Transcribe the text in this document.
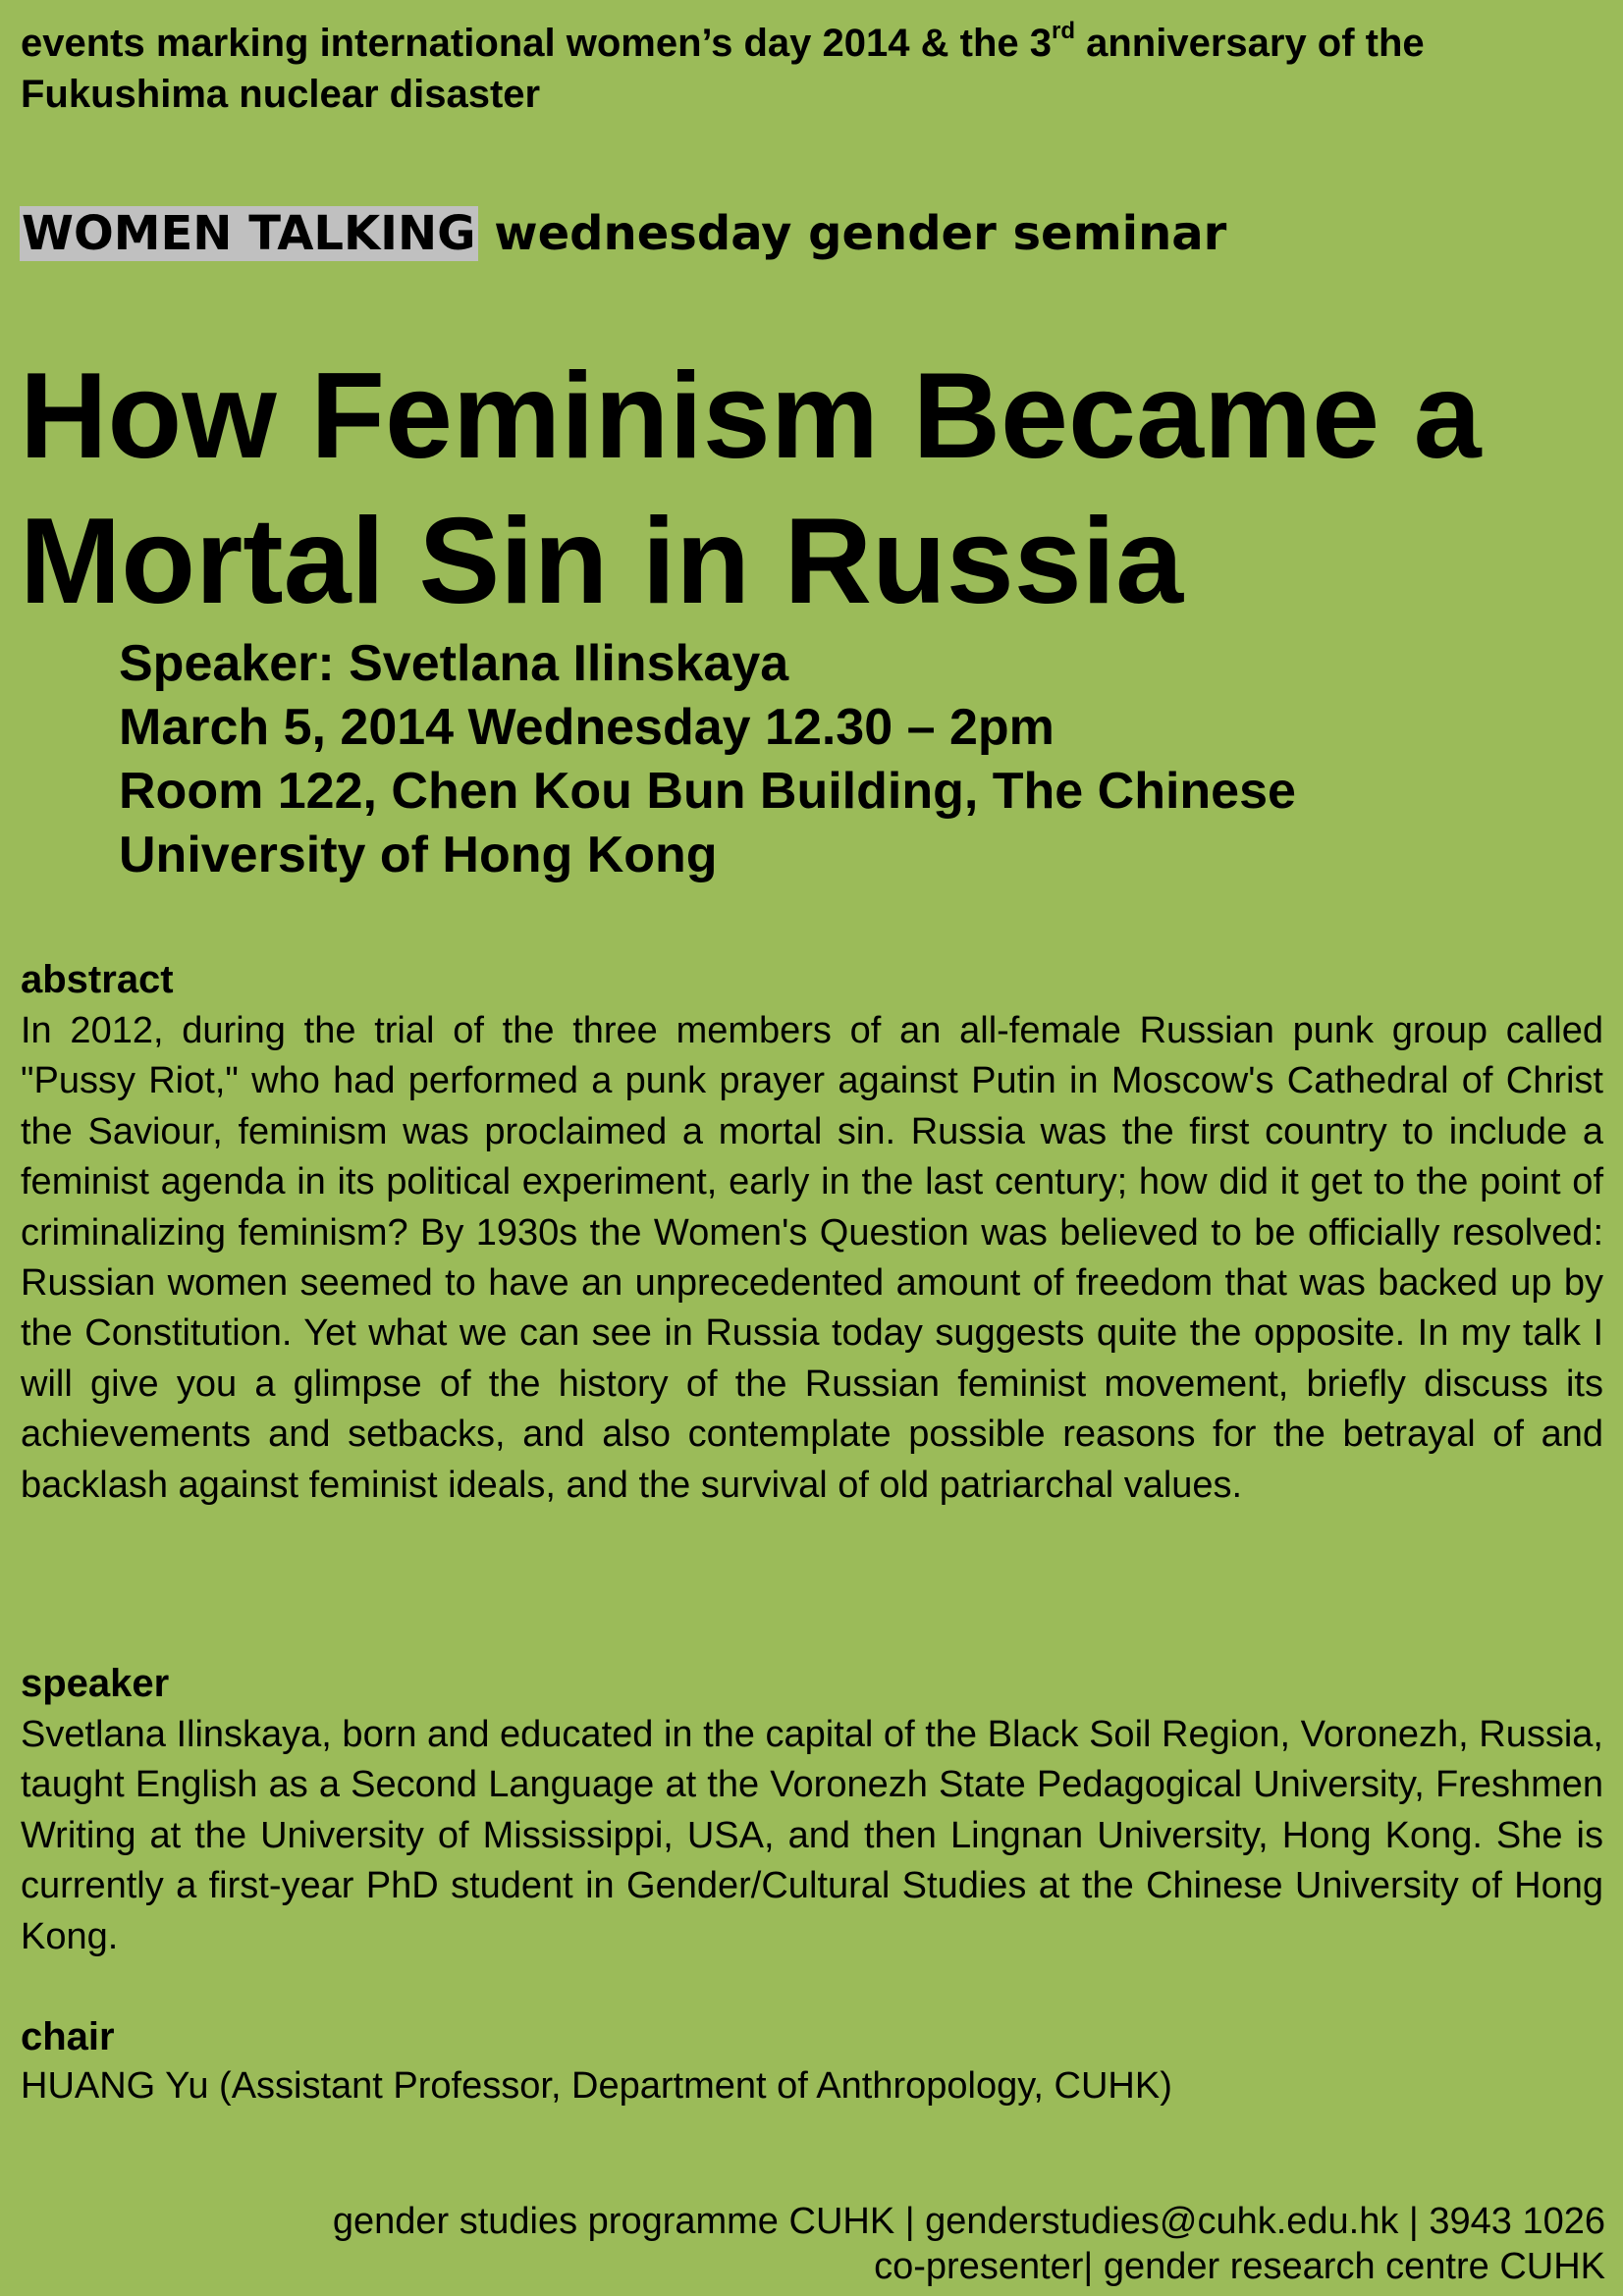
events marking international women’s day 2014 & the 3rd anniversary of the Fukushima nuclear disaster
WOMEN TALKING wednesday gender seminar
How Feminism Became a Mortal Sin in Russia
Speaker: Svetlana Ilinskaya
March 5, 2014 Wednesday 12.30 – 2pm
Room 122, Chen Kou Bun Building, The Chinese
University of Hong Kong
abstract
In 2012, during the trial of the three members of an all-female Russian punk group called "Pussy Riot," who had performed a punk prayer against Putin in Moscow's Cathedral of Christ the Saviour, feminism was proclaimed a mortal sin. Russia was the first country to include a feminist agenda in its political experiment, early in the last century; how did it get to the point of criminalizing feminism? By 1930s the Women's Question was believed to be officially resolved: Russian women seemed to have an unprecedented amount of freedom that was backed up by the Constitution. Yet what we can see in Russia today suggests quite the opposite. In my talk I will give you a glimpse of the history of the Russian feminist movement, briefly discuss its achievements and setbacks, and also contemplate possible reasons for the betrayal of and backlash against feminist ideals, and the survival of old patriarchal values.
speaker
Svetlana Ilinskaya, born and educated in the capital of the Black Soil Region, Voronezh, Russia, taught English as a Second Language at the Voronezh State Pedagogical University, Freshmen Writing at the University of Mississippi, USA, and then Lingnan University, Hong Kong. She is currently a first-year PhD student in Gender/Cultural Studies at the Chinese University of Hong Kong.
chair
HUANG Yu (Assistant Professor, Department of Anthropology, CUHK)
gender studies programme CUHK | genderstudies@cuhk.edu.hk | 3943 1026
co-presenter| gender research centre CUHK
